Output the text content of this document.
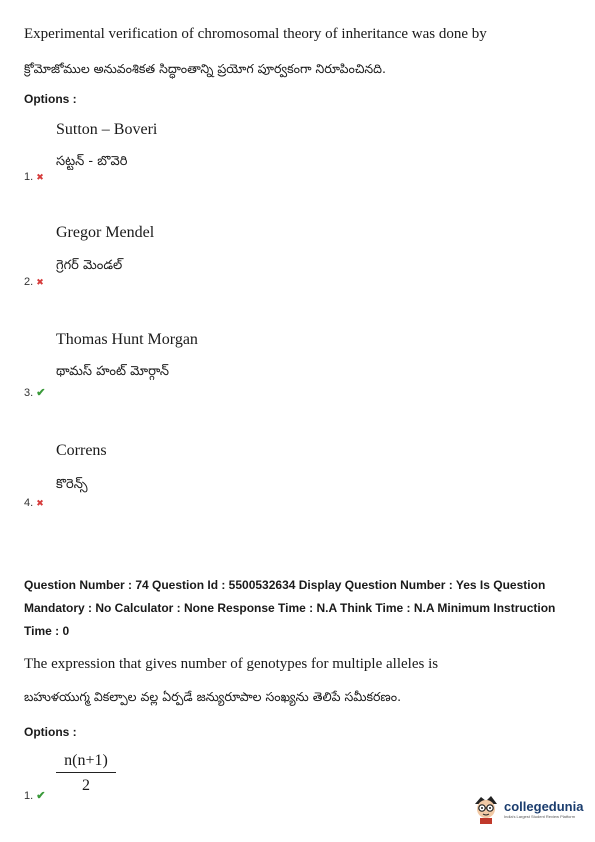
Experimental verification of chromosomal theory of inheritance was done by
క్రోమోజోముల అనువంశికత సిద్ధాంతాన్ని ప్రయోగ పూర్వకంగా నిరూపించినది.
Options :
Sutton – Boveri
సట్టన్ - బొవెరి
1. ✖
Gregor Mendel
గ్రెగర్ మెండల్
2. ✖
Thomas Hunt Morgan
థామస్ హంట్ మోర్గాన్
3. ✔
Correns
కొరెన్స్
4. ✖
Question Number : 74 Question Id : 5500532634 Display Question Number : Yes Is Question Mandatory : No Calculator : None Response Time : N.A Think Time : N.A Minimum Instruction Time : 0
The expression that gives number of genotypes for multiple alleles is
బహుళయుగ్మ వికల్పాల వల్ల ఏర్పడే జన్యురూపాల సంఖ్యను తెలిపే సమీకరణం.
Options :
n(n+1)
2
1. ✔
collegedunia
India's Largest Student Review Platform
